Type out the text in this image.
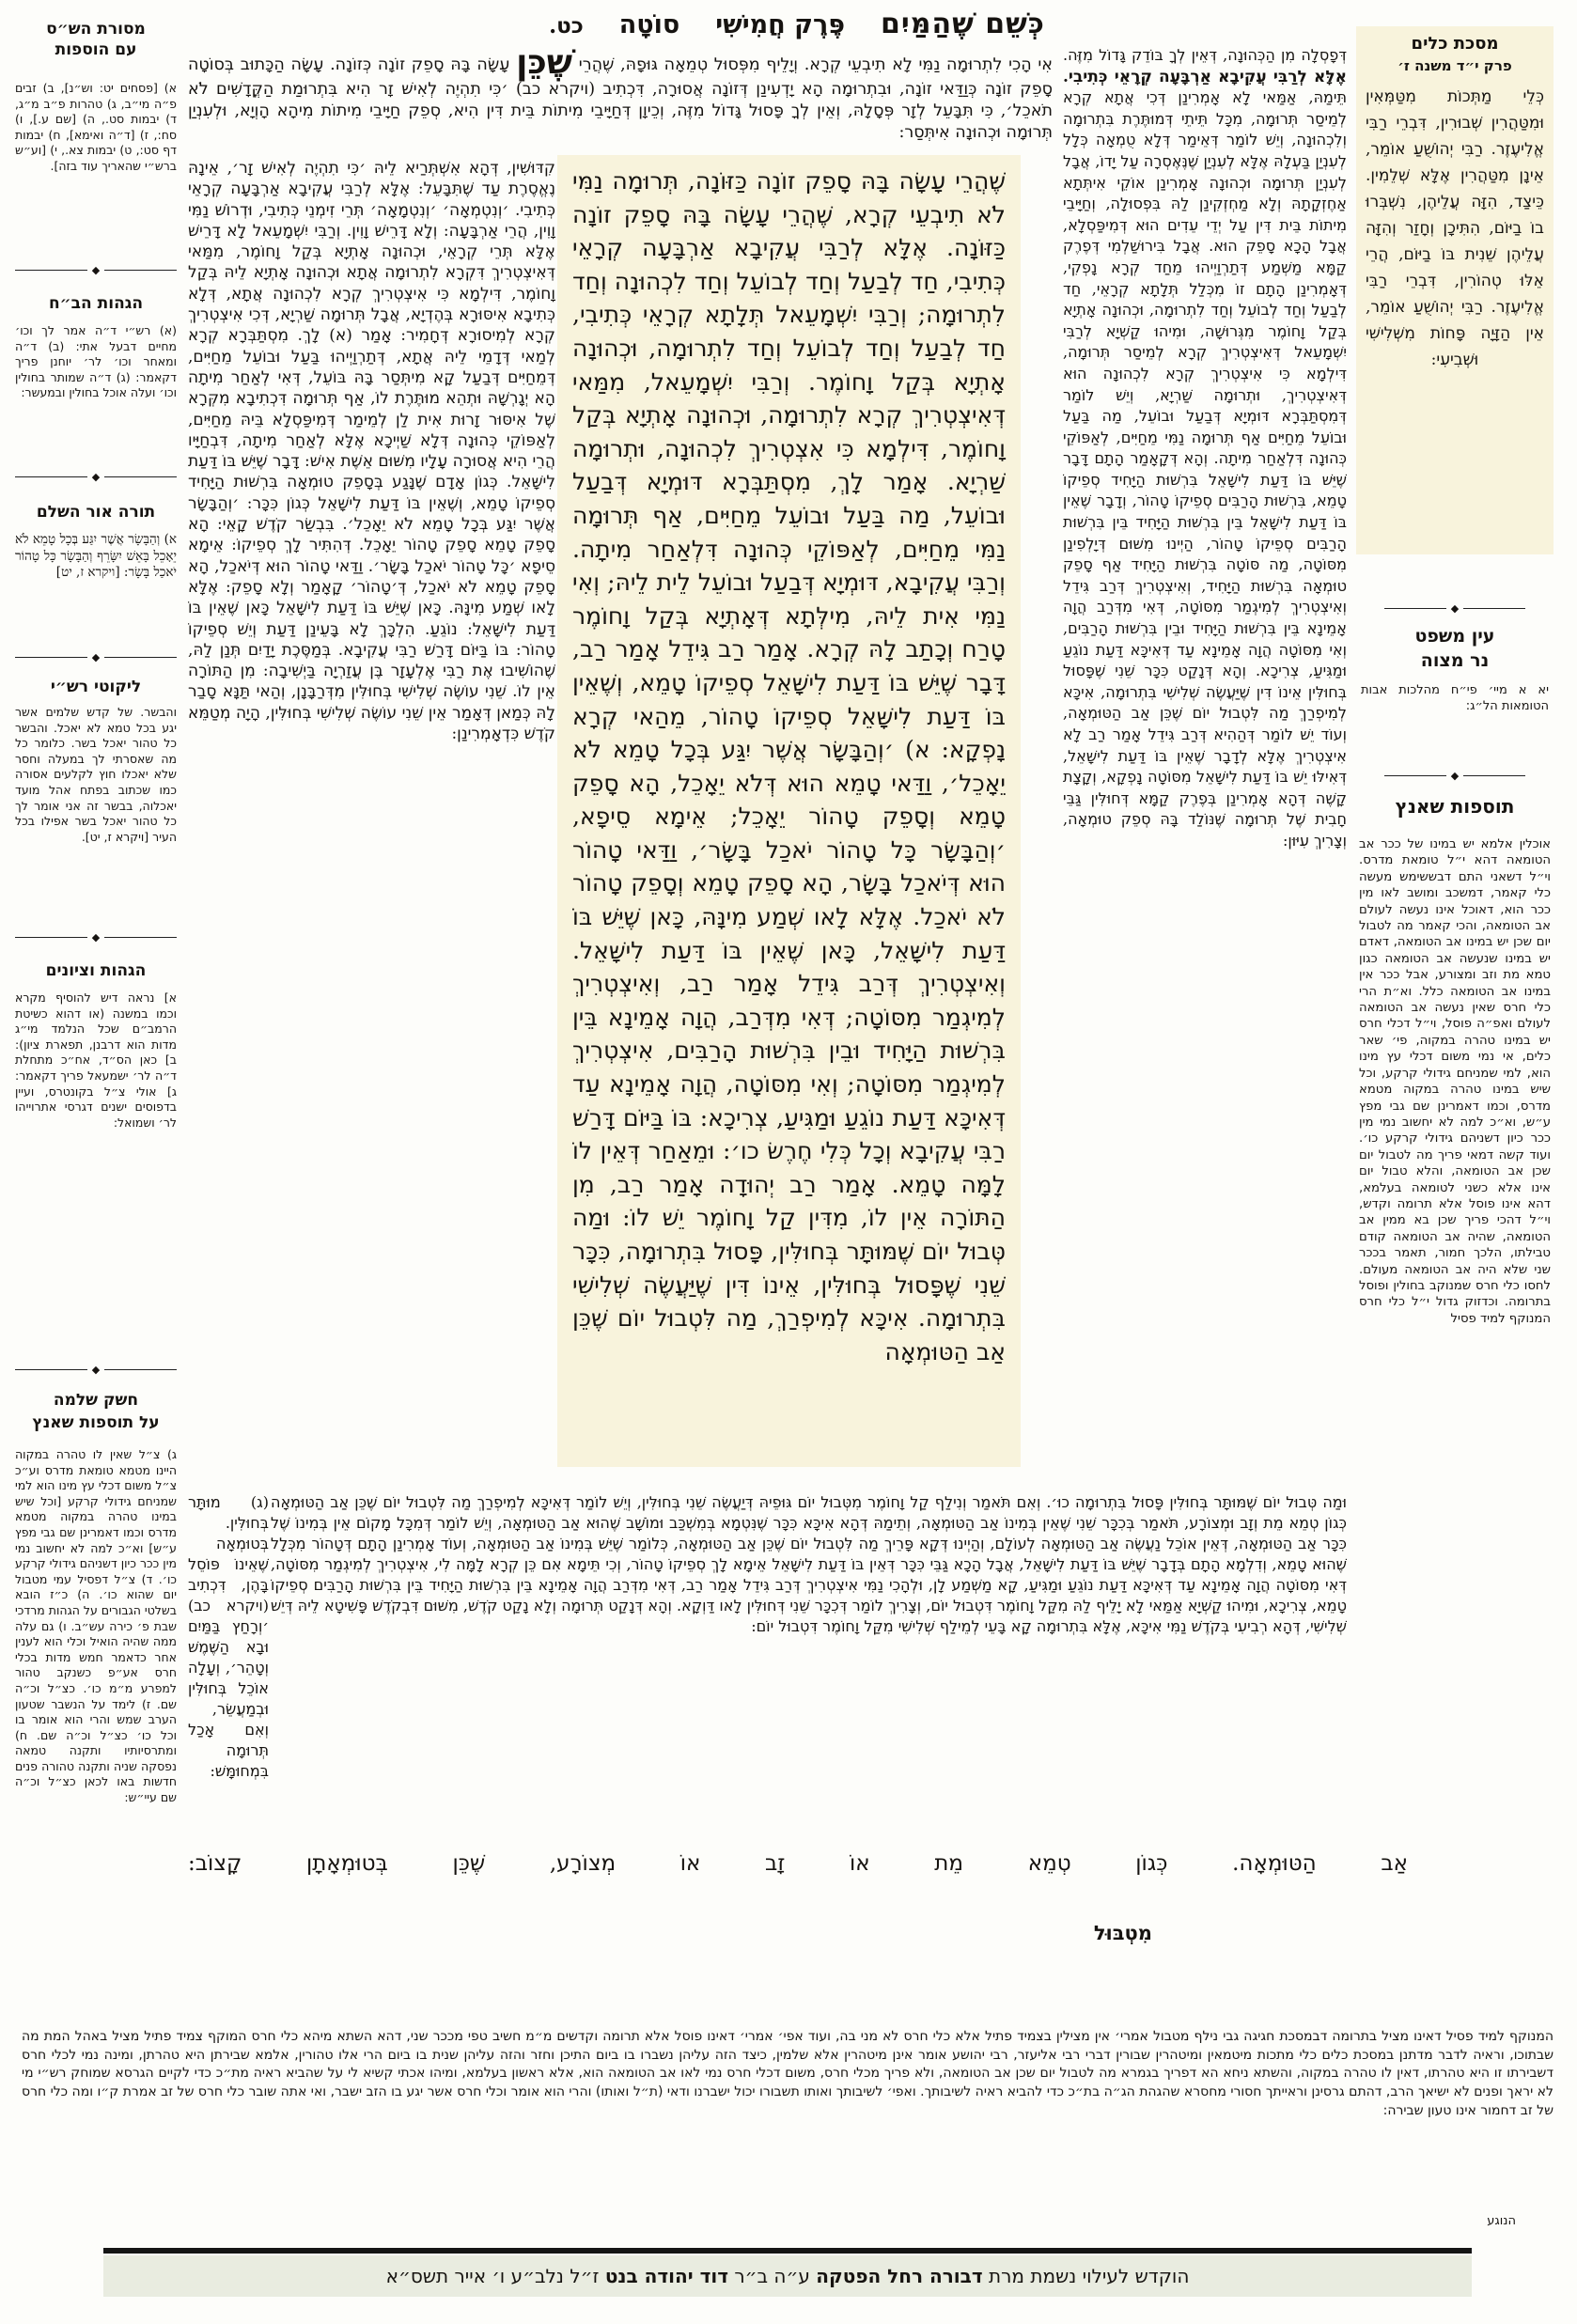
כְּשֵׁם שֶׁהַמַּיִם
פֶּרֶק חֲמִישִׁי
סוֹטָה
כט.
מסכת כלים
פרק י״ד משנה ז׳
כְּלֵי מַתְּכוֹת מִטַּמְּאִין וּמִטַּהֲרִין שְׁבוּרִין, דִּבְרֵי רַבִּי אֱלִיעֶזֶר. רַבִּי יְהוֹשֻׁעַ אוֹמֵר, אֵינָן מִטַּהֲרִין אֶלָּא שְׁלֵמִין. כֵּיצַד, הִזָּה עֲלֵיהֶן, נִשְׁבְּרוּ בוֹ בַיּוֹם, הִתִּיכָן וְחָזַר וְהִזָּה עֲלֵיהֶן שֵׁנִית בּוֹ בַיּוֹם, הֲרֵי אֵלּוּ טְהוֹרִין, דִּבְרֵי רַבִּי אֱלִיעֶזֶר. רַבִּי יְהוֹשֻׁעַ אוֹמֵר, אֵין הַזָּיָה פָּחוֹת מִשְּׁלִישִׁי וּשְׁבִיעִי:
◆
עין משפט
נר מצוה
יא א מיי׳ פי״ח מהלכות אבות הטומאות הל״ג:
◆
תוספות שאנץ
אוכלין אלמא יש במינו של ככר אב הטומאה דהא י״ל טומאת מדרס. וי״ל דשאני התם דבששימש מעשה כלי קאמר, דמשכב ומושב לאו מין ככר הוא, דאוכל אינו נעשה לעולם אב הטומאה, והכי קאמר מה לטבול יום שכן יש במינו אב הטומאה, דאדם יש במינו שנעשה אב הטומאה כגון טמא מת וזב ומצורע, אבל ככר אין במינו אב הטומאה כלל. וא״ת הרי כלי חרס שאין נעשה אב הטומאה לעולם ואפ״ה פוסל, וי״ל דכלי חרס יש במינו טהרה במקוה, פי׳ שאר כלים, אי נמי משום דכלי עץ מינו הוא, למי שמניחם גידולי קרקע, וכל שיש במינו טהרה במקוה מטמא מדרס, וכמו דאמרינן שם גבי מפץ ע״ש, וא״כ למה לא יחשוב נמי מין ככר כיון דשניהם גידולי קרקע כו׳. ועוד קשה דמאי פריך מה לטבול יום שכן אב הטומאה, והלא טבול יום אינו אלא כשני לטומאה בעלמא, דהא אינו פוסל אלא תרומה וקדש, וי״ל דהכי פריך שכן בא ממין אב הטומאה, שהיה אב הטומאה קודם טבילתו, הלכך חמור, תאמר בככר שני שלא היה אב הטומאה מעולם. לחסו כלי חרס שמנוקב בחולין ופוסל בתרומה. וכדזוק גדול י״ל כלי חרס המנוקף למיד פסיל
דְּפָסְלָה מִן הַכְּהוּנָה, דְּאֵין לְךָ בּוֹדֵק גָּדוֹל מִזֶּה. אֶלָּא לְרַבִּי עֲקִיבָא אַרְבָּעָה קְרָאֵי כְּתִיבִי. תֵּימַהּ, אַמַּאי לָא אָמְרִינַן דְּכִי אֲתָא קְרָא לְמֵיסַר תְּרוּמָה, מִכָּל תֵּיתֵי דְּמוּתֶּרֶת בִּתְרוּמָה וְלִכְהוּנָה, וְיֵשׁ לוֹמַר דְּאֵימַר דְּלָא טֻמְאָה כְּלָל לְעִנְיַן בַּעְלָהּ אֶלָּא לְעִנְיַן שֶׁנֶּאֶסְרָה עַל יָדוֹ, אֲבָל לְעִנְיַן תְּרוּמָה וּכְהוּנָה אָמְרִינַן אוֹקֵי אִיתְּתָא אַחֶזְקָתָהּ וְלָא מַחְזְקִינַן לַהּ בִּפְסוּלָה, וְחַיָּיבֵי מִיתוֹת בֵּית דִּין עַל יְדֵי עֵדִים הוּא דְּמִיפַּסְלָא, אֲבָל הָכָא סָפֵק הוּא. אֲבָל בִּירוּשַׁלְמִי דְּפֶרֶק קַמָּא מַשְׁמַע דְּתַרְוַיְיהוּ מֵחַד קְרָא נָפְקִי, דְּאָמְרִינַן הָתָם זוֹ מִכְּלַל תְּלָתָא קְרָאֵי, חַד לְבַעַל וְחַד לְבוֹעֵל וְחַד לִתְרוּמָה, וּכְהוּנָה אָתְיָא בְּקַל וָחוֹמֶר מִגְּרוּשָׁה, וּמִיהוּ קַשְׁיָא לְרַבִּי יִשְׁמָעֵאל דְּאִיצְטְרִיךְ קְרָא לְמֵיסַר תְּרוּמָה, דִּילְמָא כִּי אִיצְטְרִיךְ קְרָא לִכְהוּנָה הוּא דְּאִיצְטְרִיךְ, וּתְרוּמָה שַׁרְיָא, וְיֵשׁ לוֹמַר דְּמִסְתַּבְּרָא דּוּמְיָא דְּבַעַל וּבוֹעֵל, מַה בַּעַל וּבוֹעֵל מֵחַיִּים אַף תְּרוּמָה נַמִּי מֵחַיִּים, לְאַפּוֹקֵי כְּהוּנָה דִּלְאַחַר מִיתָה. וְהָא דְּקָאָמַר הָתָם דָּבָר שֶׁיֵּשׁ בּוֹ דַּעַת לִישָּׁאֵל בִּרְשׁוּת הַיָּחִיד סְפֵיקוֹ טָמֵא, בִּרְשׁוּת הָרַבִּים סְפֵיקוֹ טָהוֹר, וְדָבָר שֶׁאֵין בּוֹ דַּעַת לִישָּׁאֵל בֵּין בִּרְשׁוּת הַיָּחִיד בֵּין בִּרְשׁוּת הָרַבִּים סְפֵיקוֹ טָהוֹר, הַיְינוּ מִשּׁוּם דְּיָלְפִינַן מִסּוֹטָה, מַה סּוֹטָה בִּרְשׁוּת הַיָּחִיד אַף סָפֵק טוּמְאָה בִּרְשׁוּת הַיָּחִיד, וְאִיצְטְרִיךְ דְּרַב גִּידֵל וְאִיצְטְרִיךְ לְמִיגְמַר מִסּוֹטָה, דְּאִי מִדְּרַב הֲוָה אָמֵינָא בֵּין בִּרְשׁוּת הַיָּחִיד וּבֵין בִּרְשׁוּת הָרַבִּים, וְאִי מִסּוֹטָה הֲוָה אָמֵינָא עַד דְּאִיכָּא דַּעַת נוֹגֵעַ וּמַגִּיעַ, צְרִיכָא. וְהָא דְּנָקַט כִּכָּר שֵׁנִי שֶׁפָּסוּל בְּחוּלִּין אֵינוֹ דִּין שֶׁיַּעֲשֶׂה שְׁלִישִׁי בִּתְרוּמָה, אִיכָּא לְמִיפְרַךְ מַה לִּטְבוּל יוֹם שֶׁכֵּן אַב הַטּוּמְאָה, וְעוֹד יֵשׁ לוֹמַר דְּהַהִיא דְּרַב גִּידֵל אָמַר רַב לָא אִיצְטְרִיךְ אֶלָּא לְדָבָר שֶׁאֵין בּוֹ דַּעַת לִישָּׁאֵל, דְּאִילּוּ יֵשׁ בּוֹ דַּעַת לִישָּׁאֵל מִסּוֹטָה נָפְקָא, וְקָצָת קָשֶׁה דְּהָא אָמְרִינַן בְּפֶרֶק קַמָּא דְּחוּלִּין גַּבֵּי חָבִית שֶׁל תְּרוּמָה שֶׁנּוֹלַד בָּהּ סְפֵק טוּמְאָה, וְצָרִיךְ עִיּוּן:
וּמַה טְּבוּל יוֹם שֶׁמּוּתָּר בְּחוּלִּין פָּסוּל בִּתְרוּמָה כוּ׳. וְאִם תֹּאמַר וְנִילַף קַל וָחוֹמֶר מִטְּבוּל יוֹם גּוּפֵיהּ דְּיַעֲשֶׂה שֵׁנִי בְּחוּלִּין, וְיֵשׁ לוֹמַר דְּאִיכָּא לְמִיפְרַךְ מַה לִּטְבוּל יוֹם שֶׁכֵּן אַב הַטּוּמְאָה כְּגוֹן טְמֵא מֵת וְזָב וּמְצוֹרָע, תֹּאמַר בְּכִכָּר שֵׁנִי שֶׁאֵין בְּמִינוֹ אַב הַטּוּמְאָה, וְתֵימַהּ דְּהָא אִיכָּא כִּכָּר שֶׁנִּטְמָא בְּמִשְׁכַּב וּמוֹשָׁב שֶׁהוּא אַב הַטּוּמְאָה, וְיֵשׁ לוֹמַר דְּמִכָּל מָקוֹם אֵין בְּמִינוֹ שֶׁל כִּכָּר אַב הַטּוּמְאָה, דְּאֵין אוֹכֵל נַעֲשֶׂה אַב הַטּוּמְאָה לְעוֹלָם, וְהַיְינוּ דְּקָא פָּרֵיךְ מַה לִּטְבוּל יוֹם שֶׁכֵּן אַב הַטּוּמְאָה, כְּלוֹמַר שֶׁיֵּשׁ בְּמִינוֹ אַב הַטּוּמְאָה, וְעוֹד אָמְרִינַן הָתָם דְּטָהוֹר מִכְּלָל שֶׁהוּא טָמֵא, וְדִלְמָא הָתָם בְּדָבָר שֶׁיֵּשׁ בּוֹ דַּעַת לִישָּׁאֵל, אֲבָל הָכָא גַּבֵּי כִּכָּר דְּאֵין בּוֹ דַּעַת לִישָּׁאֵל אֵימָא לָךְ סְפֵיקוֹ טָהוֹר, וְכִי תֵּימָא אִם כֵּן קְרָא לָמָּה לִי, אִיצְטְרִיךְ לְמִיגְמַר מִסּוֹטָה, דְּאִי מִסּוֹטָה הֲוָה אָמֵינָא עַד דְּאִיכָּא דַּעַת נוֹגֵעַ וּמַגִּיעַ, קָא מַשְׁמַע לָן, וּלְהָכִי נַמִּי אִיצְטְרִיךְ דְּרַב גִּידֵל אָמַר רַב, דְּאִי מִדְּרַב הֲוָה אָמֵינָא בֵּין בִּרְשׁוּת הַיָּחִיד בֵּין בִּרְשׁוּת הָרַבִּים סְפֵיקוֹ טָמֵא, צְרִיכָא, וּמִיהוּ קַשְׁיָא אַמַּאי לָא יָלֵיף לַהּ מִקַּל וָחוֹמֶר דִּטְבוּל יוֹם, וְצָרִיךְ לוֹמַר דְּכִכָּר שֵׁנִי דְּחוּלִּין לָאו דַּוְקָא. וְהָא דְּנָקַט תְּרוּמָה וְלָא נָקַט קֹדֶשׁ, מִשּׁוּם דִּבְקֹדֶשׁ פָּשִׁיטָא לֵיהּ דְּיֵשׁ שְׁלִישִׁי, דְּהָא רְבִיעִי בְּקֹדֶשׁ נַמִּי אִיכָּא, אֶלָּא בִּתְרוּמָה קָא בָּעֵי לְמֵילַף שְׁלִישִׁי מִקַּל וָחוֹמֶר דִּטְבוּל יוֹם:
אִי הָכִי לִתְרוּמָה נַמִּי לָא תִיבְעֵי קְרָא. וְיָלֵיף מִפְּסוּל טְמֵאָה גּוּפָהּ, שֶׁהֲרֵי שֶׁכֵּן עָשָׂה בָּהּ סָפֵק זוֹנָה כְּזוֹנָה. עָשָׂה הַכָּתוּב בְּסוֹטָה סָפֵק זוֹנָה כְּוַדַּאי זוֹנָה, וּבִתְרוּמָה הָא יָדְעִינַן דְּזוֹנָה אֲסוּרָה, דִּכְתִיב (ויקרא כב) ׳כִּי תִהְיֶה לְאִישׁ זָר הִיא בִּתְרוּמַת הַקֳּדָשִׁים לֹא תֹאכֵל׳, כִּי תִּבָּעֵל לְזָר פְּסָלָהּ, וְאֵין לְךָ פָּסוּל גָּדוֹל מִזֶּה, וְכֵיוָן דְּחַיָּיבֵי מִיתוֹת בֵּית דִּין הִיא, סְפֵק חַיָּיבֵי מִיתוֹת מִיהָא הָוְיָא, וּלְעִנְיַן תְּרוּמָה וּכְהוּנָה אִיתְּסַר:
שֶׁהֲרֵי עָשָׂה בָּהּ סָפֵק זוֹנָה כַּזּוֹנָה, תְּרוּמָה נַמִּי לֹא תִיבְעֵי קְרָא, שֶׁהֲרֵי עָשָׂה בָּהּ סָפֵק זוֹנָה כַּזּוֹנָה. אֶלָּא לְרַבִּי עֲקִיבָא אַרְבָּעָה קְרָאֵי כְּתִיבִי, חַד לְבַעַל וְחַד לְבוֹעֵל וְחַד לִכְהוּנָה וְחַד לִתְרוּמָה; וְרַבִּי יִשְׁמָעֵאל תְּלָתָא קְרָאֵי כְּתִיבִי, חַד לְבַעַל וְחַד לְבוֹעֵל וְחַד לִתְרוּמָה, וּכְהוּנָה אָתְיָא בְּקַל וָחוֹמֶר. וְרַבִּי יִשְׁמָעֵאל, מִמַּאי דְּאִיצְטְרִיךְ קְרָא לִתְרוּמָה, וּכְהוּנָה אָתְיָא בְּקַל וָחוֹמֶר, דִּילְמָא כִּי אִצְטְרִיךְ לִכְהוּנָה, וּתְרוּמָה שַׁרְיָא. אָמַר לָךְ, מִסְתַּבְּרָא דּוּמְיָא דְּבַעַל וּבוֹעֵל, מַה בַּעַל וּבוֹעֵל מֵחַיִּים, אַף תְּרוּמָה נַמִּי מֵחַיִּים, לְאַפּוֹקֵי כְּהוּנָה דִּלְאַחַר מִיתָה. וְרַבִּי עֲקִיבָא, דּוּמְיָא דְּבַעַל וּבוֹעֵל לֵית לֵיהּ; וְאִי נַמִּי אִית לֵיהּ, מִילְּתָא דְּאָתְיָא בְּקַל וָחוֹמֶר טָרַח וְכָתַב לָהּ קְרָא. אָמַר רַב גִּידֵל אָמַר רַב, דָּבָר שֶׁיֵּשׁ בּוֹ דַּעַת לִישָּׁאֵל סְפֵיקוֹ טָמֵא, וְשֶׁאֵין בּוֹ דַּעַת לִישָּׁאֵל סְפֵיקוֹ טָהוֹר, מֵהַאי קְרָא נָפְקָא: א) ׳וְהַבָּשָׂר אֲשֶׁר יִגַּע בְּכָל טָמֵא לֹא יֵאָכֵל׳, וַדַּאי טָמֵא הוּא דְּלֹא יֵאָכֵל, הָא סָפֵק טָמֵא וְסָפֵק טָהוֹר יֵאָכֵל; אֵימָא סֵיפָא, ׳וְהַבָּשָׂר כָּל טָהוֹר יֹאכַל בָּשָׂר׳, וַדַּאי טָהוֹר הוּא דְּיֹאכַל בָּשָׂר, הָא סָפֵק טָמֵא וְסָפֵק טָהוֹר לֹא יֹאכַל. אֶלָּא לָאו שְׁמַע מִינָּהּ, כָּאן שֶׁיֵּשׁ בּוֹ דַּעַת לִישָּׁאֵל, כָּאן שֶׁאֵין בּוֹ דַּעַת לִישָּׁאֵל. וְאִיצְטְרִיךְ דְּרַב גִּידֵל אָמַר רַב, וְאִיצְטְרִיךְ לְמִיגְמַר מִסּוֹטָה; דְּאִי מִדְּרַב, הֲוָה אָמֵינָא בֵּין בִּרְשׁוּת הַיָּחִיד וּבֵין בִּרְשׁוּת הָרַבִּים, אִיצְטְרִיךְ לְמִיגְמַר מִסּוֹטָה; וְאִי מִסּוֹטָה, הֲוָה אָמֵינָא עַד דְּאִיכָּא דַּעַת נוֹגֵעַ וּמַגִּיעַ, צְרִיכָא: בּוֹ בַּיּוֹם דָּרַשׁ רַבִּי עֲקִיבָא וְכָל כְּלִי חֶרֶשׂ כו׳: וּמֵאַחַר דְּאֵין לוֹ לָמָּה טָמֵא. אָמַר רַב יְהוּדָה אָמַר רַב, מִן הַתּוֹרָה אֵין לוֹ, מִדִּין קַל וָחוֹמֶר יֵשׁ לוֹ: וּמַה טְּבוּל יוֹם שֶׁמּוּתָּר בְּחוּלִּין, פָּסוּל בִּתְרוּמָה, כִּכָּר שֵׁנִי שֶׁפָּסוּל בְּחוּלִּין, אֵינוֹ דִּין שֶׁיַּעֲשֶׂה שְׁלִישִׁי בִּתְרוּמָה. אִיכָּא לְמִיפְרַךְ, מַה לִּטְבוּל יוֹם שֶׁכֵּן אַב הַטּוּמְאָה
קִדּוּשִׁין, דְּהָא אִשְׁתְּרַיא לֵיהּ ׳כִּי תִהְיֶה לְאִישׁ זָר׳, אֵינָהּ נֶאֱסֶרֶת עַד שֶׁתִּבָּעֵל: אֶלָּא לְרַבִּי עֲקִיבָא אַרְבָּעָה קְרָאֵי כְּתִיבִי. ׳וְנִטְמְאָה׳ ׳וְנִטְמָאָה׳ תְּרֵי זִימְנֵי כְּתִיבִי, וּדְרוֹשׁ נַמִּי וָוִין, הֲרֵי אַרְבָּעָה: וְלָא דָּרֵישׁ וָוִין. וְרַבִּי יִשְׁמָעֵאל לָא דָּרֵישׁ אֶלָּא תְּרֵי קְרָאֵי, וּכְהוּנָה אָתְיָא בְּקַל וָחוֹמֶר, מִמַּאי דְּאִיצְטְרִיךְ דִּקְרָא לִתְרוּמָה אֲתָא וּכְהוּנָה אָתְיָא לֵיהּ בְּקַל וָחוֹמֶר, דִּילְמָא כִּי אִיצְטְרִיךְ קְרָא לִכְהוּנָה אֲתָא, דְּלָא כְּתִיבָא אִיסּוּרָא בְּהֶדְיָא, אֲבָל תְּרוּמָה שַׁרְיָא, דְּכִי אִיצְטְרִיךְ קְרָא לְמִיסוּרָא דְּחָמִיר: אָמַר (א) לָךְ. מִסְתַּבְּרָא קְרָא לְמַאי דְּדָמֵי לֵיהּ אֲתָא, דְּתַרְוַיְיהוּ בַּעַל וּבוֹעֵל מֵחַיִּים, דְּמֵחַיִּים דְּבַעַל קָא מִיתְּסַר בָּהּ בּוֹעֵל, דְּאִי לְאַחַר מִיתָה הָא יְגָרְשָׁהּ וּתְהֵא מוּתֶּרֶת לוֹ, אַף תְּרוּמָה דִּכְתִיבָא מִקְּרָא שֶׁל אִיסּוּר זָרוּת אִית לַן לְמֵימַר דְּמִיפַּסְלָא בֵּיהּ מֵחַיִּים, לְאַפּוֹקֵי כְּהוּנָה דְּלָא שַׁיְיכָא אֶלָּא לְאַחַר מִיתָה, דִּבְחַיָּיו הֲרֵי הִיא אֲסוּרָה עָלָיו מִשּׁוּם אֵשֶׁת אִישׁ: דָּבָר שֶׁיֵּשׁ בּוֹ דַּעַת לִישָּׁאֵל. כְּגוֹן אָדָם שֶׁנָּגַע בְּסָפֵק טוּמְאָה בִּרְשׁוּת הַיָּחִיד סְפֵיקוֹ טָמֵא, וְשֶׁאֵין בּוֹ דַּעַת לִישָּׁאֵל כְּגוֹן כִּכָּר: ׳וְהַבָּשָׂר אֲשֶׁר יִגַּע בְּכָל טָמֵא לֹא יֵאָכֵל׳. בִּבְשַׂר קֹדֶשׁ קָאֵי: הָא סָפֵק טָמֵא סָפֵק טָהוֹר יֵאָכֵל. דְּהִתִּיר לָךְ סְפֵיקוֹ: אֵימָא סֵיפָא ׳כָּל טָהוֹר יֹאכַל בָּשָׂר׳. וַדַּאי טָהוֹר הוּא דְּיֹאכַל, הָא סָפֵק טָמֵא לֹא יֹאכַל, דְּ׳טָהוֹר׳ קָאָמַר וְלָא סָפֵק: אֶלָּא לָאו שְׁמַע מִינָּהּ. כָּאן שֶׁיֵּשׁ בּוֹ דַּעַת לִישָּׁאֵל כָּאן שֶׁאֵין בּוֹ דַּעַת לִישָּׁאֵל: נוֹגֵעַ. הִלְכָּךְ לָא בָּעֵינַן דַּעַת וְיֵשׁ סְפֵיקוֹ טָהוֹר: בּוֹ בַּיּוֹם דָּרַשׁ רַבִּי עֲקִיבָא. בְּמַסֶּכֶת יָדַיִם תְּנַן לַהּ, שֶׁהוֹשִׁיבוּ אֶת רַבִּי אֶלְעָזָר בֶּן עֲזַרְיָה בַּיְשִׁיבָה: מִן הַתּוֹרָה אֵין לוֹ. שֵׁנִי עוֹשֶׂה שְׁלִישִׁי בְּחוּלִּין מִדְּרַבָּנָן, וְהַאי תַּנָּא סָבַר לָהּ כְּמַאן דְּאָמַר אֵין שֵׁנִי עוֹשֶׂה שְׁלִישִׁי בְּחוּלִּין, הָיָה מְטַמֵּא קֹדֶשׁ כִּדְאָמְרִינַן:
(ג) מוּתָּר בְּחוּלִּין. בְּטוּמְאָה שֶׁאֵינוֹ פּוֹסֵל בָּהֶן, דִּכְתִיב (ויקרא כב) ׳וְרָחַץ בַּמַּיִם וּבָא הַשֶּׁמֶשׁ וְטָהֵר׳, וְעָלָה אוֹכֵל בְּחוּלִּין וּבְמַעֲשֵׂר, וְאִם אָכַל תְּרוּמָה בִּמְחוּמָּשׁ:
אַב הַטּוּמְאָה. כְּגוֹן טְמֵא מֵת אוֹ זָב אוֹ מְצוֹרָע, שֶׁכֵּן בְּטוּמְאָתָן קָצוֹב:
מִטְבּוּל
מסורת הש״ס
עם הוספות
א) [פסחים יט: וש״נ], ב) זבים פ״ה מי״ב, ג) טהרות פ״ב מ״ג, ד) יבמות סט., ה) [שם ע.], ו) סח:, ז) [ד״ה ואימא], ח) יבמות דף סט:, ט) יבמות צא., י) [וע״ש ברש״י שהאריך עוד בזה].
◆
הגהות הב״ח
(א) רש״י ד״ה אמר לך וכו׳ מחיים דבעל אתי: (ב) ד״ה ומאחר וכו׳ לר׳ יוחנן פריך דקאמר: (ג) ד״ה שמותר בחולין וכו׳ ועלה אוכל בחולין ובמעשר:
◆
תורה אור השלם
א) וְהַבָּשָׂר אֲשֶׁר יִגַּע בְּכָל טָמֵא לֹא יֵאָכֵל בָּאֵשׁ יִשָּׂרֵף וְהַבָּשָׂר כָּל טָהוֹר יֹאכַל בָּשָׂר: [ויקרא ז, יט]
◆
ליקוטי רש״י
והבשר. של קדש שלמים אשר יגע בכל טמא לא יאכל. והבשר כל טהור יאכל בשר. כלומר כל מה שאסרתי לך במעלה וחסר שלא יאכלו חוץ לקלעים אסורה כמו שכתוב בפתח אהל מועד יאכלוה, בבשר זה אני אומר לך כל טהור יאכל בשר אפילו בכל העיר [ויקרא ז, יט].
◆
הגהות וציונים
א] נראה דיש להוסיף מקרא וכמו במשנה (או דהוא כשיטת הרמב״ם שכל הנלמד מי״ג מדות הוא דרבנן, תפארת ציון): ב] כאן הס״ד, אח״כ מתחלת ד״ה לר׳ ישמעאל פריך דקאמר: ג] אולי צ״ל בקונטרס, ועיין בדפוסים ישנים דגרסי אתרוייהו לר׳ ושמואל:
◆
חשק שלמה
על תוספות שאנץ
ג) צ״ל שאין לו טהרה במקוה היינו מטמא טומאת מדרס וע״כ צ״ל משום דכלי עץ מינו הוא למי שמניחם גידולי קרקע [וכל שיש במינו טהרה במקוה מטמא מדרס וכמו דאמרינן שם גבי מפץ ע״ש] וא״כ למה לא יחשוב נמי מין ככר כיון דשניהם גידולי קרקע כו׳. ד) צ״ל דפסיל עמי מטבול יום שהוא כו׳. ה) כ״ז הובא בשלטי הגבורים על הגהות מרדכי שבת פ׳ כירה עש״ב. ו) גם עלה ממה שהיה הואיל וכלי הוא לענין אחר כדאמר חמש מדות בכלי חרס אע״פ כשנקב טהור למפרע מ״מ כו׳. כצ״ל וכ״ה שם. ז) לימד על הנשבר שטעון הערב שמש והרי הוא אומר בו וכל כו׳ כצ״ל וכ״ה שם. ח) ומתרסיותיו ותקנה טמאה נפסקה שניה ותקנה טהורה פנים חדשות באו לכאן כצ״ל וכ״ה שם עיי״ש:
המנוקף למיד פסיל דאינו מציל בתרומה דבמסכת חגיגה גבי נילף מטבול אמרי׳ אין מצילין בצמיד פתיל אלא כלי חרס לא מני בה, ועוד אפי׳ אמרי׳ דאינו פוסל אלא תרומה וקדשים מ״מ חשיב טפי מככר שני, דהא השתא מיהא כלי חרס המוקף צמיד פתיל מציל באהל המת מה שבתוכו, וראיה לדבר מדתנן במסכת כלים כלי מתכות מיטמאין ומיטהרין שבורין דברי רבי אליעזר, רבי יהושע אומר אינן מיטהרין אלא שלמין, כיצד הזה עליהן נשברו בו ביום התיכן וחזר והזה עליהן שנית בו ביום הרי אלו טהורין, אלמא שבירתן היא טהרתן, ומינה נמי לכלי חרס דשבירתו זו היא טהרתו, דאין לו טהרה במקוה, והשתא ניחא הא דפריך בגמרא מה לטבול יום שכן אב הטומאה, ולא פריך מכלי חרס, משום דכלי חרס נמי לאו אב הטומאה הוא, אלא ראשון בעלמא, ומיהו אכתי קשיא לי על שהביא ראיה מת״כ כדי לקיים הגרסא שמוחק רש״י מי לא יראך ופנים לא ישיאך הרב, דהתם גרסינן וראייתך חסורי מחסרא שהגהת הג״ה בת״כ כדי להביא ראיה לשיבותך. ואפי׳ לשיבותך ואותו תשבורו יכול ישברנו ודאי (ת״ל ואותו) והרי הוא אומר וכלי חרס אשר יגע בו הזב ישבר, ואי אתה שובר כלי חרס של זב אמרת ק״ו ומה כלי חרס של זב דחמור אינו טעון שבירה:
הנוגע
הוקדש לעילוי נשמת מרת דבורה רחל הפטקה ע״ה ב״ר דוד יהודה בנט ז״ל נלב״ע ו׳ אייר תשס״א
